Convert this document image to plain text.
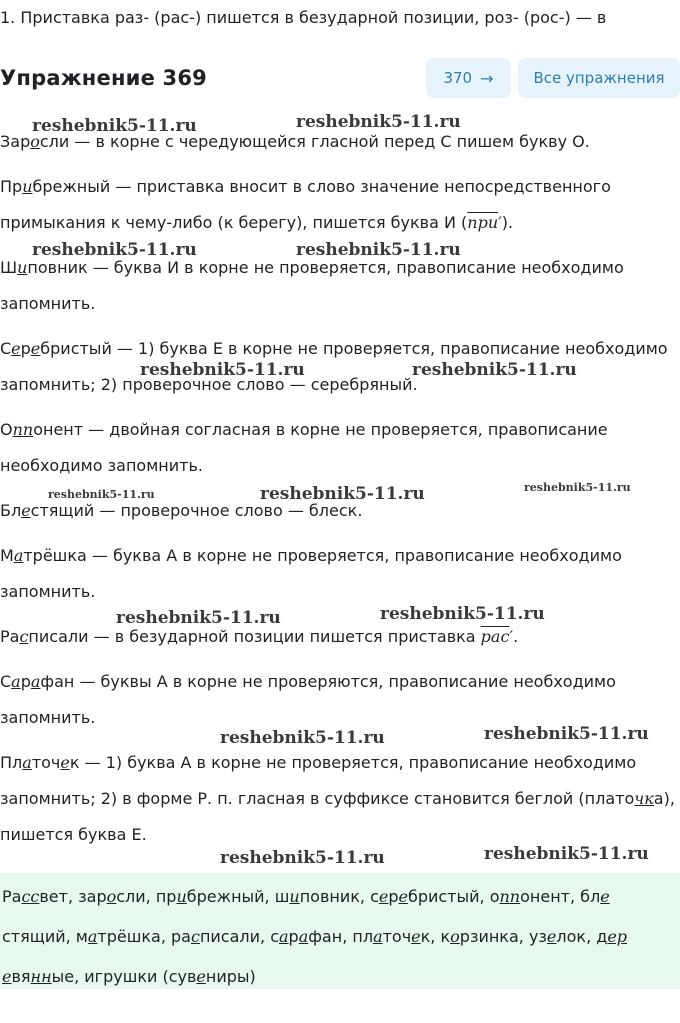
1. Приставка раз- (рас-) пишется в безударной позиции, роз- (рос-) — в
Упражнение 369	370 →	Все упражнения
reshebnik5-11.ru	reshebnik5-11.ru
reshebnik5-11.ru	reshebnik5-11.ru
reshebnik5-11.ru	reshebnik5-11.ru
reshebnik5-11.ru	reshebnik5-11.ru	reshebnik5-11.ru
reshebnik5-11.ru	reshebnik5-11.ru
reshebnik5-11.ru	reshebnik5-11.ru
reshebnik5-11.ru	reshebnik5-11.ru

Заросли — в корне с чередующейся гласной перед С пишем букву О.

Прибрежный — приставка вносит в слово значение непосредственного
примыкания к чему-либо (к берегу), пишется буква И (при′).

Шиповник — буква И в корне не проверяется, правописание необходимо
запомнить.

Серебристый — 1) буква Е в корне не проверяется, правописание необходимо
запомнить; 2) проверочное слово — серебряный.

Оппонент — двойная согласная в корне не проверяется, правописание
необходимо запомнить.

Блестящий — проверочное слово — блеск.

Матрёшка — буква А в корне не проверяется, правописание необходимо
запомнить.

Расписали — в безударной позиции пишется приставка рас′.

Сарафан — буквы А в корне не проверяются, правописание необходимо
запомнить.

Платочек — 1) буква А в корне не проверяется, правописание необходимо
запомнить; 2) в форме Р. п. гласная в суффиксе становится беглой (платочка),
пишется буква Е.

Рассвет, заросли, прибрежный, шиповник, серебристый, оппонент, бле
стящий, матрёшка, расписали, сарафан, платочек, корзинка, узелок, дер
евянные, игрушки (сувениры)
